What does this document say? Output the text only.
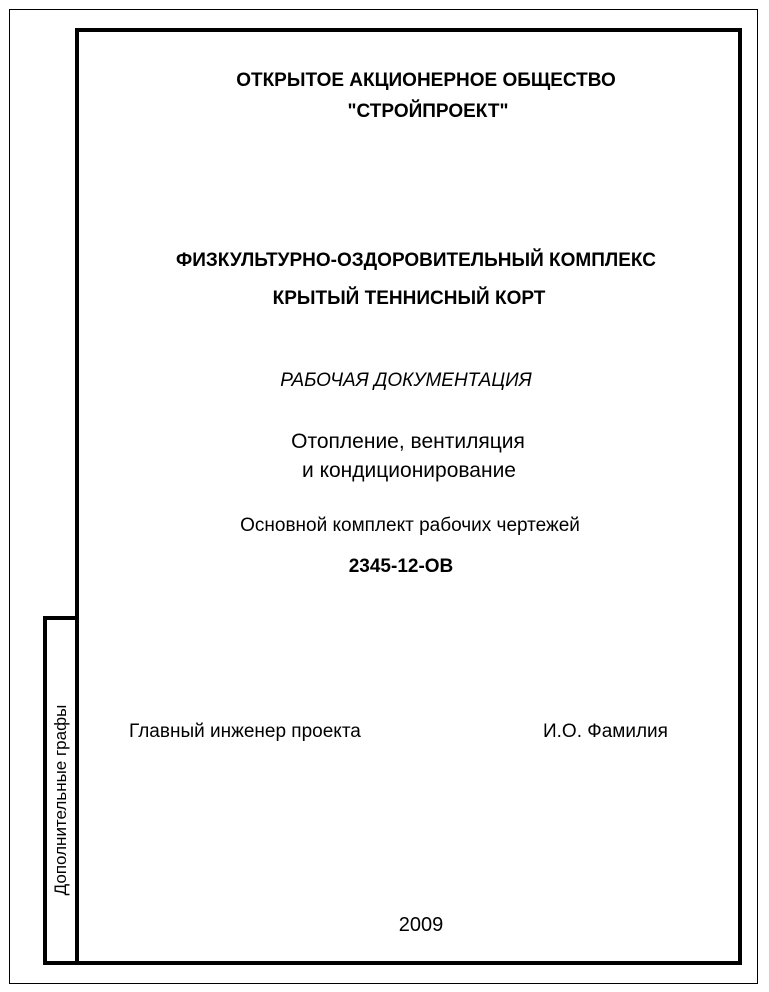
Дополнительные графы
ОТКРЫТОЕ АКЦИОНЕРНОЕ ОБЩЕСТВО
"СТРОЙПРОЕКТ"
ФИЗКУЛЬТУРНО-ОЗДОРОВИТЕЛЬНЫЙ КОМПЛЕКС
КРЫТЫЙ ТЕННИСНЫЙ КОРТ
РАБОЧАЯ ДОКУМЕНТАЦИЯ
Отопление, вентиляция
и кондиционирование
Основной комплект рабочих чертежей
2345-12-ОВ
Главный инженер проекта	И.О. Фамилия
2009
